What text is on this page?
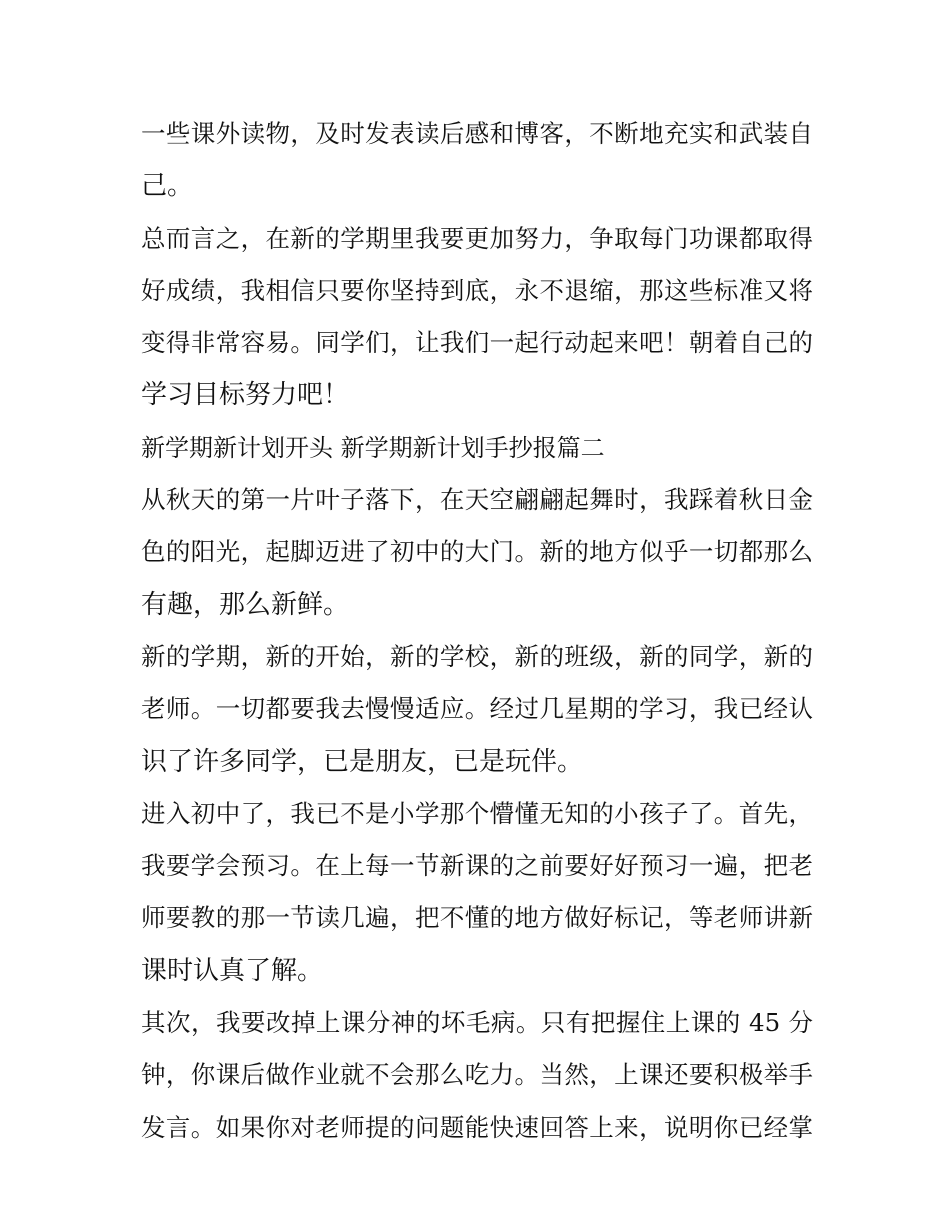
一些课外读物，及时发表读后感和博客，不断地充实和武装自
己。
总而言之，在新的学期里我要更加努力，争取每门功课都取得
好成绩，我相信只要你坚持到底，永不退缩，那这些标准又将
变得非常容易。同学们，让我们一起行动起来吧！朝着自己的
学习目标努力吧！
新学期新计划开头 新学期新计划手抄报篇二
从秋天的第一片叶子落下，在天空翩翩起舞时，我踩着秋日金
色的阳光，起脚迈进了初中的大门。新的地方似乎一切都那么
有趣，那么新鲜。
新的学期，新的开始，新的学校，新的班级，新的同学，新的
老师。一切都要我去慢慢适应。经过几星期的学习，我已经认
识了许多同学，已是朋友，已是玩伴。
进入初中了，我已不是小学那个懵懂无知的小孩子了。首先，
我要学会预习。在上每一节新课的之前要好好预习一遍，把老
师要教的那一节读几遍，把不懂的地方做好标记，等老师讲新
课时认真了解。
其次，我要改掉上课分神的坏毛病。只有把握住上课的 45 分
钟，你课后做作业就不会那么吃力。当然，上课还要积极举手
发言。如果你对老师提的问题能快速回答上来，说明你已经掌
